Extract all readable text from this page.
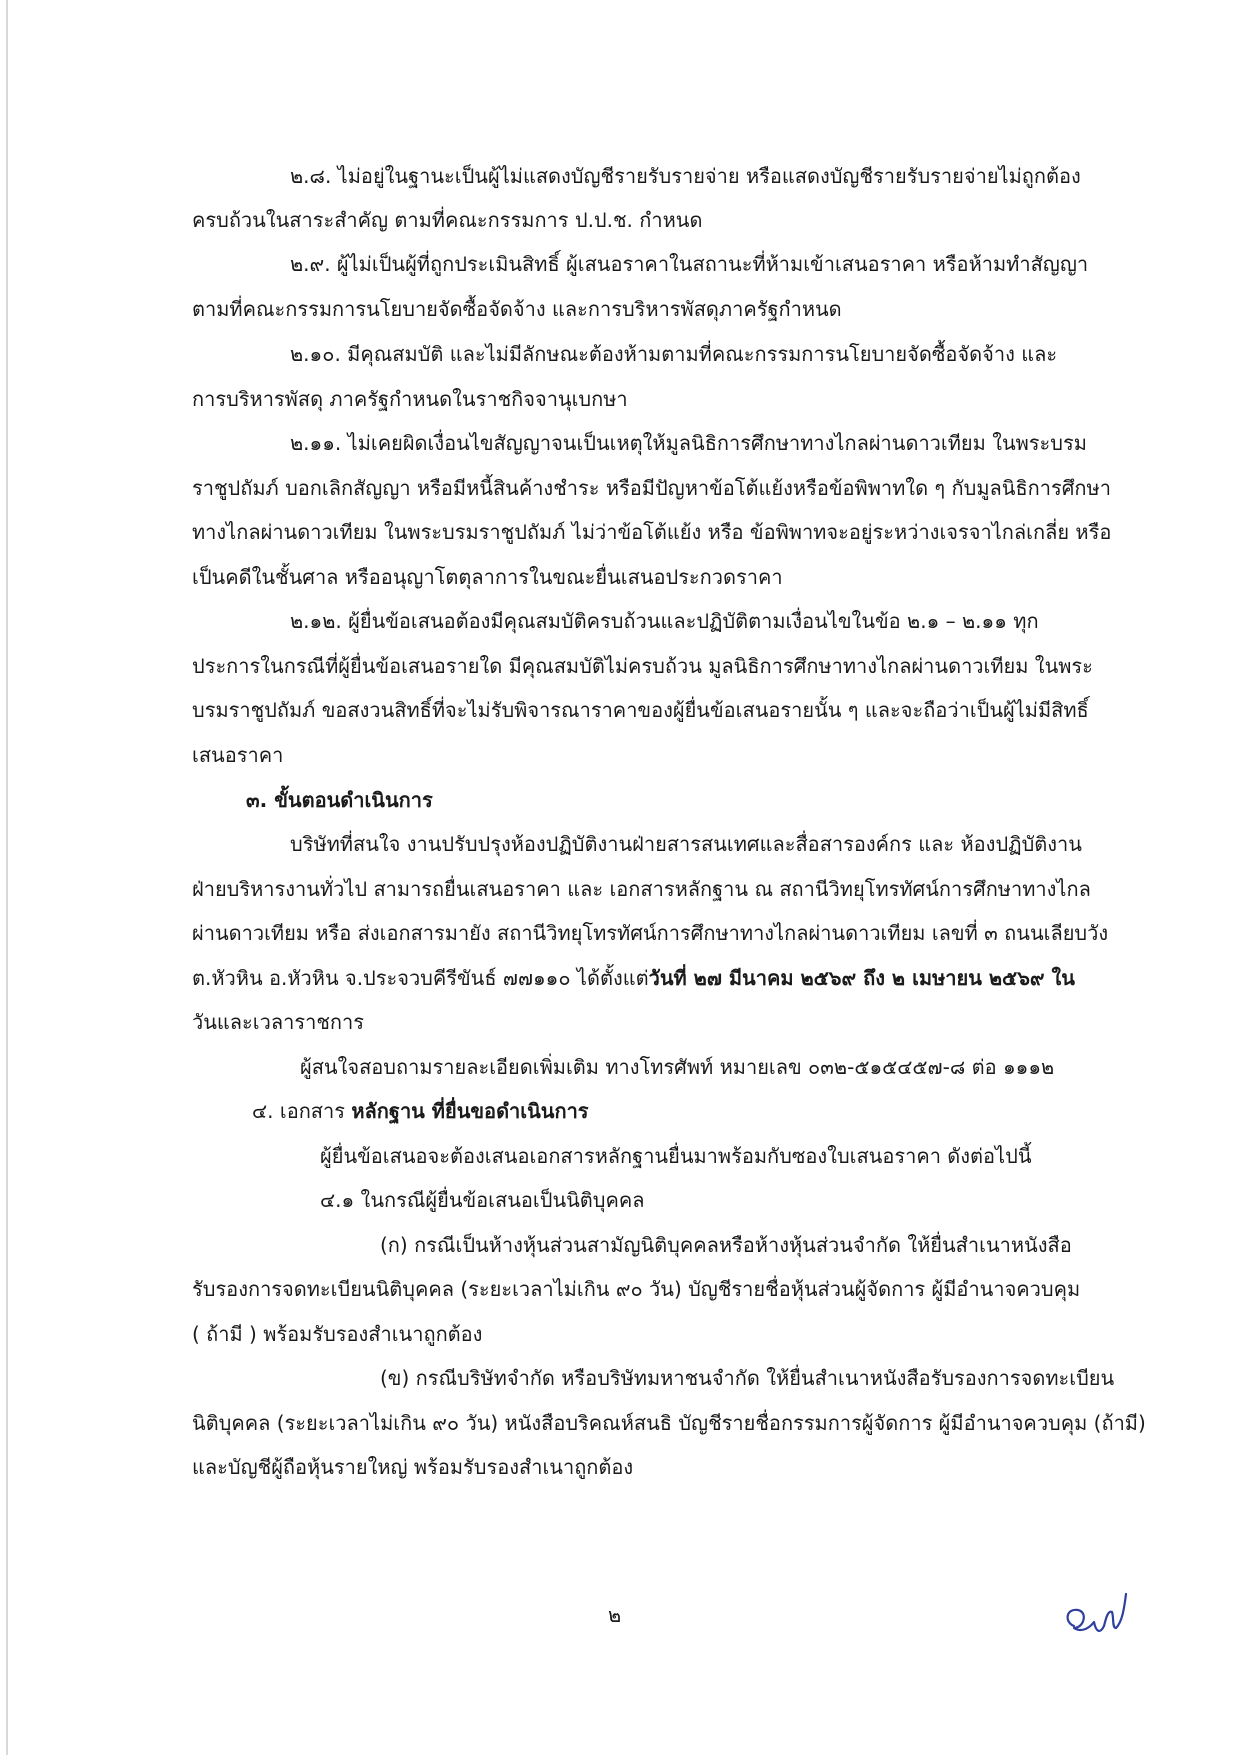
๒.๘. ไม่อยู่ในฐานะเป็นผู้ไม่แสดงบัญชีรายรับรายจ่าย หรือแสดงบัญชีรายรับรายจ่ายไม่ถูกต้อง
ครบถ้วนในสาระสำคัญ ตามที่คณะกรรมการ ป.ป.ช. กำหนด
๒.๙. ผู้ไม่เป็นผู้ที่ถูกประเมินสิทธิ์ ผู้เสนอราคาในสถานะที่ห้ามเข้าเสนอราคา หรือห้ามทำสัญญา
ตามที่คณะกรรมการนโยบายจัดซื้อจัดจ้าง และการบริหารพัสดุภาครัฐกำหนด
๒.๑๐. มีคุณสมบัติ และไม่มีลักษณะต้องห้ามตามที่คณะกรรมการนโยบายจัดซื้อจัดจ้าง และ
การบริหารพัสดุ ภาครัฐกำหนดในราชกิจจานุเบกษา
๒.๑๑. ไม่เคยผิดเงื่อนไขสัญญาจนเป็นเหตุให้มูลนิธิการศึกษาทางไกลผ่านดาวเทียม ในพระบรม
ราชูปถัมภ์ บอกเลิกสัญญา หรือมีหนี้สินค้างชำระ หรือมีปัญหาข้อโต้แย้งหรือข้อพิพาทใด ๆ กับมูลนิธิการศึกษา
ทางไกลผ่านดาวเทียม ในพระบรมราชูปถัมภ์ ไม่ว่าข้อโต้แย้ง หรือ ข้อพิพาทจะอยู่ระหว่างเจรจาไกล่เกลี่ย หรือ
เป็นคดีในชั้นศาล หรืออนุญาโตตุลาการในขณะยื่นเสนอประกวดราคา
๒.๑๒. ผู้ยื่นข้อเสนอต้องมีคุณสมบัติครบถ้วนและปฏิบัติตามเงื่อนไขในข้อ ๒.๑ – ๒.๑๑ ทุก
ประการในกรณีที่ผู้ยื่นข้อเสนอรายใด มีคุณสมบัติไม่ครบถ้วน มูลนิธิการศึกษาทางไกลผ่านดาวเทียม ในพระ
บรมราชูปถัมภ์ ขอสงวนสิทธิ์ที่จะไม่รับพิจารณาราคาของผู้ยื่นข้อเสนอรายนั้น ๆ และจะถือว่าเป็นผู้ไม่มีสิทธิ์
เสนอราคา
๓. ขั้นตอนดำเนินการ
บริษัทที่สนใจ งานปรับปรุงห้องปฏิบัติงานฝ่ายสารสนเทศและสื่อสารองค์กร และ ห้องปฏิบัติงาน
ฝ่ายบริหารงานทั่วไป สามารถยื่นเสนอราคา และ เอกสารหลักฐาน ณ สถานีวิทยุโทรทัศน์การศึกษาทางไกล
ผ่านดาวเทียม หรือ ส่งเอกสารมายัง สถานีวิทยุโทรทัศน์การศึกษาทางไกลผ่านดาวเทียม เลขที่ ๓ ถนนเลียบวัง
ต.หัวหิน อ.หัวหิน จ.ประจวบคีรีขันธ์ ๗๗๑๑๐ ได้ตั้งแต่วันที่ ๒๗ มีนาคม ๒๕๖๙ ถึง ๒ เมษายน ๒๕๖๙ ใน
วันและเวลาราชการ
ผู้สนใจสอบถามรายละเอียดเพิ่มเติม ทางโทรศัพท์ หมายเลข ๐๓๒-๕๑๕๔๕๗-๘ ต่อ ๑๑๑๒
๔. เอกสาร หลักฐาน ที่ยื่นขอดำเนินการ
ผู้ยื่นข้อเสนอจะต้องเสนอเอกสารหลักฐานยื่นมาพร้อมกับซองใบเสนอราคา ดังต่อไปนี้
๔.๑ ในกรณีผู้ยื่นข้อเสนอเป็นนิติบุคคล
(ก) กรณีเป็นห้างหุ้นส่วนสามัญนิติบุคคลหรือห้างหุ้นส่วนจำกัด ให้ยื่นสำเนาหนังสือ
รับรองการจดทะเบียนนิติบุคคล (ระยะเวลาไม่เกิน ๙๐ วัน) บัญชีรายชื่อหุ้นส่วนผู้จัดการ ผู้มีอำนาจควบคุม
( ถ้ามี ) พร้อมรับรองสำเนาถูกต้อง
(ข) กรณีบริษัทจำกัด หรือบริษัทมหาชนจำกัด ให้ยื่นสำเนาหนังสือรับรองการจดทะเบียน
นิติบุคคล (ระยะเวลาไม่เกิน ๙๐ วัน) หนังสือบริคณห์สนธิ บัญชีรายชื่อกรรมการผู้จัดการ ผู้มีอำนาจควบคุม (ถ้ามี)
และบัญชีผู้ถือหุ้นรายใหญ่ พร้อมรับรองสำเนาถูกต้อง
๒
